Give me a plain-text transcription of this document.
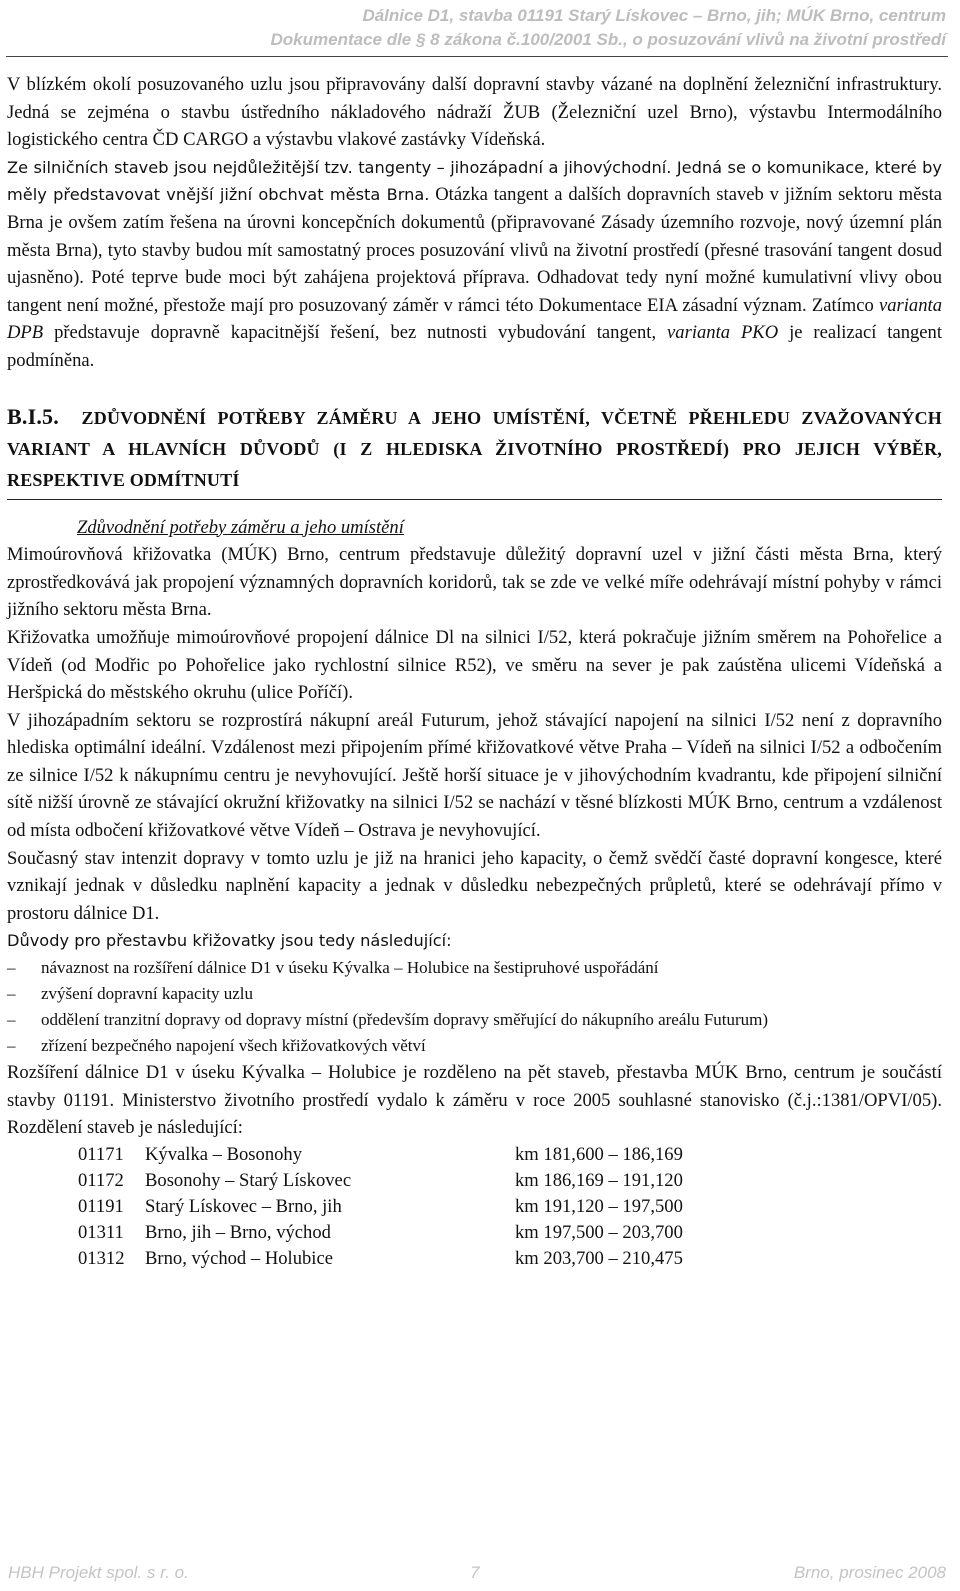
Dálnice D1, stavba 01191 Starý Lískovec – Brno, jih; MÚK Brno, centrum
Dokumentace dle § 8 zákona č.100/2001 Sb., o posuzování vlivů na životní prostředí

V blízkém okolí posuzovaného uzlu jsou připravovány další dopravní stavby vázané na doplnění železniční infrastruktury. Jedná se zejména o stavbu ústředního nákladového nádraží ŽUB (Železniční uzel Brno), výstavbu Intermodálního logistického centra ČD CARGO a výstavbu vlakové zastávky Vídeňská.

Ze silničních staveb jsou nejdůležitější tzv. tangenty – jihozápadní a jihovýchodní. Jedná se o komunikace, které by měly představovat vnější jižní obchvat města Brna. Otázka tangent a dalších dopravních staveb v jižním sektoru města Brna je ovšem zatím řešena na úrovni koncepčních dokumentů (připravované Zásady územního rozvoje, nový územní plán města Brna), tyto stavby budou mít samostatný proces posuzování vlivů na životní prostředí (přesné trasování tangent dosud ujasněno). Poté teprve bude moci být zahájena projektová příprava. Odhadovat tedy nyní možné kumulativní vlivy obou tangent není možné, přestože mají pro posuzovaný záměr v rámci této Dokumentace EIA zásadní význam. Zatímco varianta DPB představuje dopravně kapacitnější řešení, bez nutnosti vybudování tangent, varianta PKO je realizací tangent podmíněna.

B.I.5. ZDŮVODNĚNÍ POTŘEBY ZÁMĚRU A JEHO UMÍSTĚNÍ, VČETNĚ PŘEHLEDU ZVAŽOVANÝCH VARIANT A HLAVNÍCH DŮVODŮ (I Z HLEDISKA ŽIVOTNÍHO PROSTŘEDÍ) PRO JEJICH VÝBĚR, RESPEKTIVE ODMÍTNUTÍ
Zdůvodnění potřeby záměru a jeho umístění

Mimoúrovňová křižovatka (MÚK) Brno, centrum představuje důležitý dopravní uzel v jižní části města Brna, který zprostředkovává jak propojení významných dopravních koridorů, tak se zde ve velké míře odehrávají místní pohyby v rámci jižního sektoru města Brna.

Křižovatka umožňuje mimoúrovňové propojení dálnice Dl na silnici I/52, která pokračuje jižním směrem na Pohořelice a Vídeň (od Modřic po Pohořelice jako rychlostní silnice R52), ve směru na sever je pak zaústěna ulicemi Vídeňská a Heršpická do městského okruhu (ulice Poříčí).

V jihozápadním sektoru se rozprostírá nákupní areál Futurum, jehož stávající napojení na silnici I/52 není z dopravního hlediska optimální ideální. Vzdálenost mezi připojením přímé křižovatkové větve Praha – Vídeň na silnici I/52 a odbočením ze silnice I/52 k nákupnímu centru je nevyhovující. Ještě horší situace je v jihovýchodním kvadrantu, kde připojení silniční sítě nižší úrovně ze stávající okružní křižovatky na silnici I/52 se nachází v těsné blízkosti MÚK Brno, centrum a vzdálenost od místa odbočení křižovatkové větve Vídeň – Ostrava je nevyhovující.

Současný stav intenzit dopravy v tomto uzlu je již na hranici jeho kapacity, o čemž svědčí časté dopravní kongesce, které vznikají jednak v důsledku naplnění kapacity a jednak v důsledku nebezpečných průpletů, které se odehrávají přímo v prostoru dálnice D1.

Důvody pro přestavbu křižovatky jsou tedy následující:

– návaznost na rozšíření dálnice D1 v úseku Kývalka – Holubice na šestipruhové uspořádání
– zvýšení dopravní kapacity uzlu
– oddělení tranzitní dopravy od dopravy místní (především dopravy směřující do nákupního areálu Futurum)
– zřízení bezpečného napojení všech křižovatkových větví

Rozšíření dálnice D1 v úseku Kývalka – Holubice je rozděleno na pět staveb, přestavba MÚK Brno, centrum je součástí stavby 01191. Ministerstvo životního prostředí vydalo k záměru v roce 2005 souhlasné stanovisko (č.j.:1381/OPVI/05). Rozdělení staveb je následující:

01171	Kývalka – Bosonohy	km 181,600 – 186,169
01172	Bosonohy – Starý Lískovec	km 186,169 – 191,120
01191	Starý Lískovec – Brno, jih	km 191,120 – 197,500
01311	Brno, jih – Brno, východ	km 197,500 – 203,700
01312	Brno, východ – Holubice	km 203,700 – 210,475
HBH Projekt spol. s r. o.	7	Brno, prosinec 2008
